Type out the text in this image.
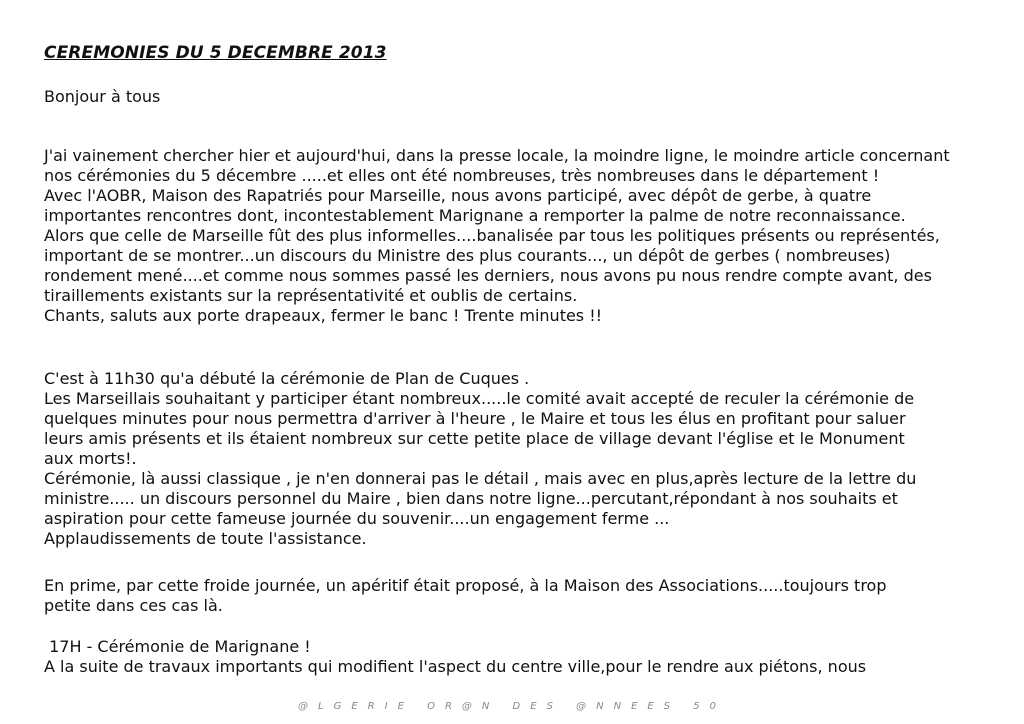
CEREMONIES DU 5 DECEMBRE 2013
Bonjour à tous
J'ai vainement chercher hier et aujourd'hui, dans la presse locale, la moindre ligne, le moindre article concernant
nos cérémonies du 5 décembre .....et elles ont été nombreuses, très nombreuses dans le département !
Avec l'AOBR, Maison des Rapatriés pour Marseille, nous avons participé, avec dépôt de gerbe, à quatre
importantes rencontres dont, incontestablement Marignane a remporter la palme de notre reconnaissance.
Alors que celle de Marseille fût des plus informelles....banalisée par tous les politiques présents ou représentés,
important de se montrer...un discours du Ministre des plus courants..., un dépôt de gerbes ( nombreuses)
rondement mené....et comme nous sommes passé les derniers, nous avons pu nous rendre compte avant, des
tiraillements existants sur la représentativité et oublis de certains.
Chants, saluts aux porte drapeaux, fermer le banc ! Trente minutes !!
C'est à 11h30 qu'a débuté la cérémonie de Plan de Cuques .
Les Marseillais souhaitant y participer étant nombreux.....le comité avait accepté de reculer la cérémonie de
quelques minutes pour nous permettra d'arriver à l'heure , le Maire et tous les élus en profitant pour saluer
leurs amis présents et ils étaient nombreux sur cette petite place de village devant l'église et le Monument
aux morts!.
Cérémonie, là aussi classique , je n'en donnerai pas le détail , mais avec en plus,après lecture de la lettre du
ministre..... un discours personnel du Maire , bien dans notre ligne...percutant,répondant à nos souhaits et
aspiration pour cette fameuse journée du souvenir....un engagement ferme ...
Applaudissements de toute l'assistance.
En prime, par cette froide journée, un apéritif était proposé, à la Maison des Associations.....toujours trop
petite dans ces cas là.
17H - Cérémonie de Marignane !
A la suite de travaux importants qui modifient l'aspect du centre ville,pour le rendre aux piétons, nous
@LGERIE OR@N DES @NNEES 50
